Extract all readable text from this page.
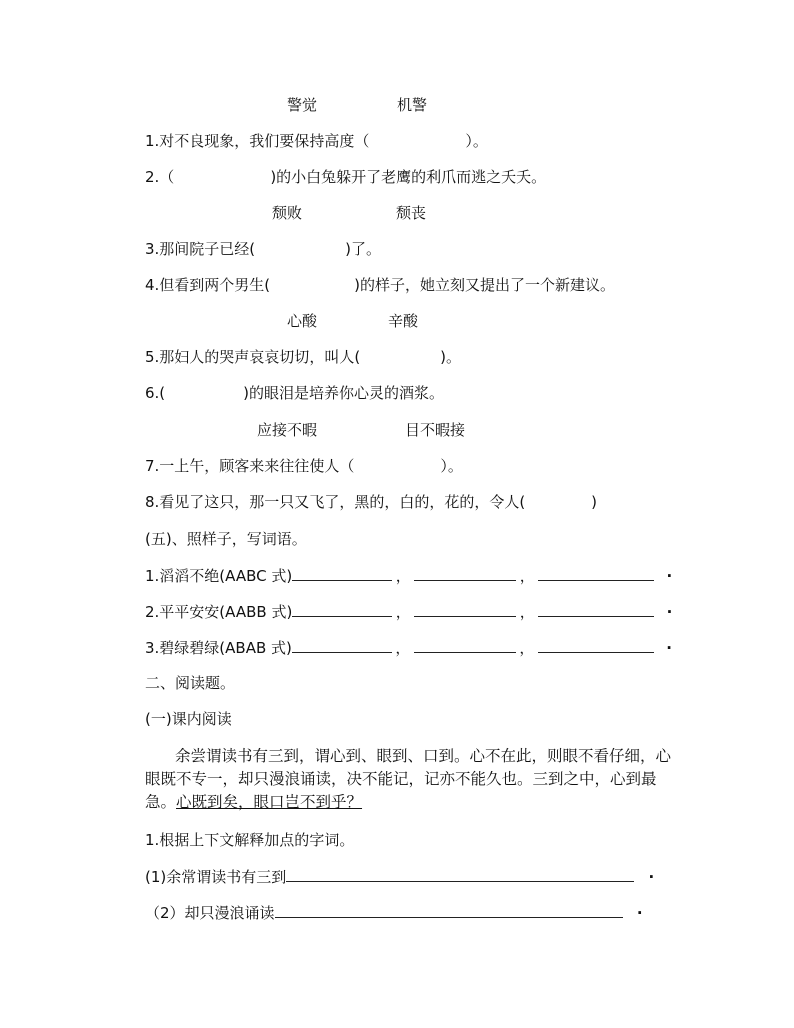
警觉	机警
1.对不良现象，我们要保持高度（	）。
2.（	)的小白兔躲开了老鹰的利爪而逃之夭夭。
颓败	颓丧
3.那间院子已经(	)了。
4.但看到两个男生(	)的样子，她立刻又提出了一个新建议。
心酸	辛酸
5.那妇人的哭声哀哀切切，叫人(	)。
6.(	)的眼泪是培养你心灵的酒浆。
应接不暇	目不暇接
7.一上午，顾客来来往往使人（	）。
8.看见了这只，那一只又飞了，黑的，白的，花的，令人(	)
(五)、照样子，写词语。
1.滔滔不绝(AABC 式)	，	，	·
2.平平安安(AABB 式)	，	，	·
3.碧绿碧绿(ABAB 式)	，	，	·
二、阅读题。
(一)课内阅读
余尝谓读书有三到，谓心到、眼到、口到。心不在此，则眼不看仔细，心眼既不专一，却只漫浪诵读，决不能记，记亦不能久也。三到之中，心到最急。心既到矣，眼口岂不到乎？
1.根据上下文解释加点的字词。
(1)余常谓读书有三到	·
（2）却只漫浪诵读	·
